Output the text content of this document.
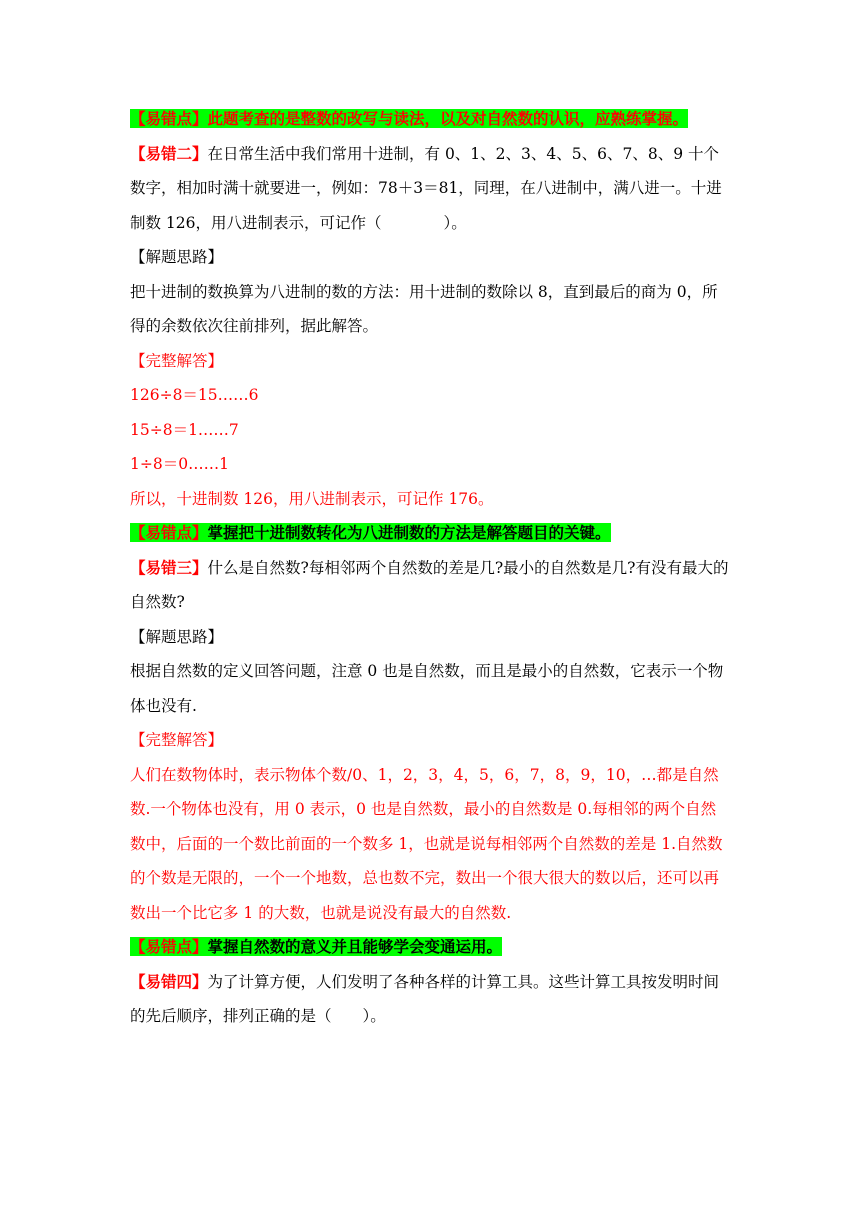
【易错点】此题考查的是整数的改写与读法，以及对自然数的认识，应熟练掌握。

【易错二】在日常生活中我们常用十进制，有 0、1、2、3、4、5、6、7、8、9 十个数字，相加时满十就要进一，例如：78＋3＝81，同理，在八进制中，满八进一。十进制数 126，用八进制表示，可记作（　　　　）。

【解题思路】

把十进制的数换算为八进制的数的方法：用十进制的数除以 8，直到最后的商为 0，所得的余数依次往前排列，据此解答。

【完整解答】

126÷8＝15……6

15÷8＝1……7

1÷8＝0……1

所以，十进制数 126，用八进制表示，可记作 176。

【易错点】掌握把十进制数转化为八进制数的方法是解答题目的关键。

【易错三】什么是自然数?每相邻两个自然数的差是几?最小的自然数是几?有没有最大的自然数?

【解题思路】

根据自然数的定义回答问题，注意 0 也是自然数，而且是最小的自然数，它表示一个物体也没有.

【完整解答】

人们在数物体时，表示物体个数/0、1，2，3，4，5，6，7，8，9，10，…都是自然数.一个物体也没有，用 0 表示，0 也是自然数，最小的自然数是 0.每相邻的两个自然数中，后面的一个数比前面的一个数多 1，也就是说每相邻两个自然数的差是 1.自然数的个数是无限的，一个一个地数，总也数不完，数出一个很大很大的数以后，还可以再数出一个比它多 1 的大数，也就是说没有最大的自然数.

【易错点】掌握自然数的意义并且能够学会变通运用。

【易错四】为了计算方便，人们发明了各种各样的计算工具。这些计算工具按发明时间的先后顺序，排列正确的是（　　）。
